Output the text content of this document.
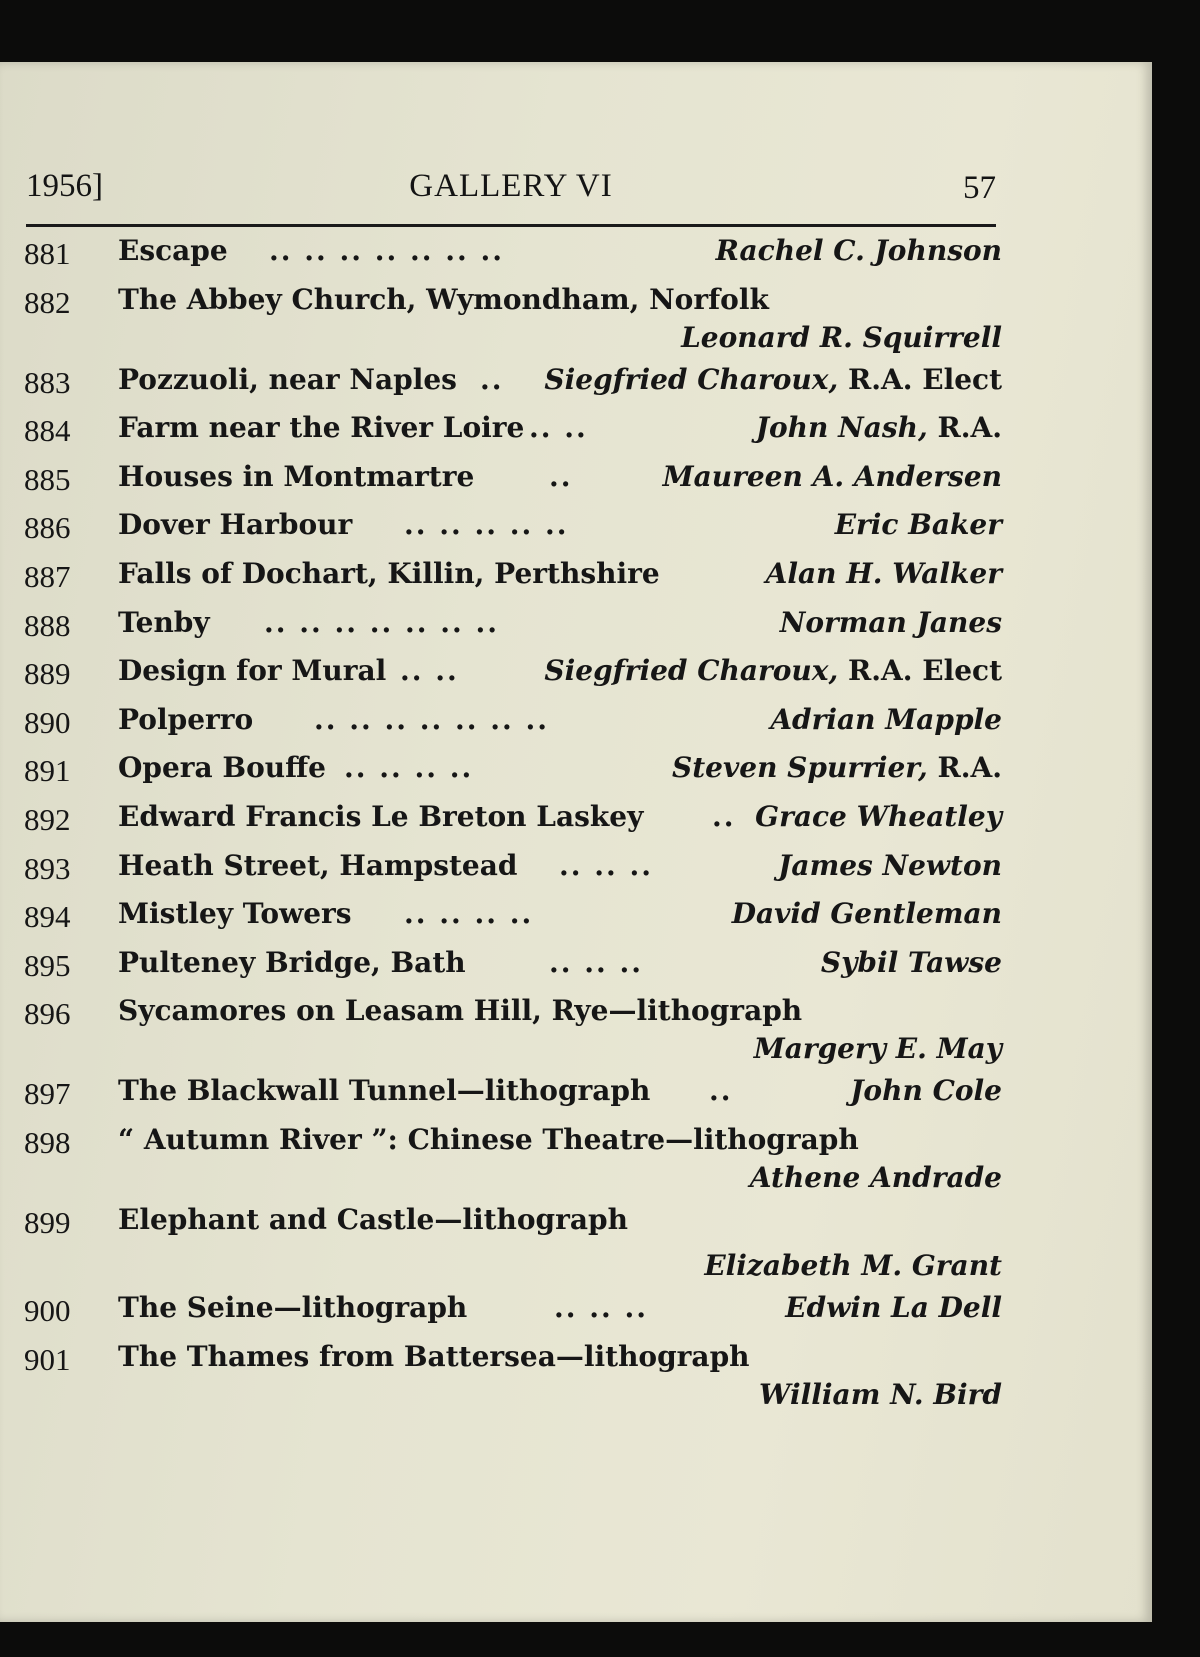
1956]	GALLERY VI	57
881 Escape .. .. .. .. .. .. ..	Rachel C. Johnson
882 The Abbey Church, Wymondham, Norfolk
Leonard R. Squirrell
883 Pozzuoli, near Naples .. Siegfried Charoux, R.A. Elect
884 Farm near the River Loire .. ..	John Nash, R.A.
885 Houses in Montmartre	..	Maureen A. Andersen
886 Dover Harbour .. .. .. .. ..	Eric Baker
887 Falls of Dochart, Killin, Perthshire	Alan H. Walker
888 Tenby .. .. .. .. .. .. ..	Norman Janes
889 Design for Mural .. ..	Siegfried Charoux, R.A. Elect
890 Polperro .. .. .. .. .. .. ..	Adrian Mapple
891 Opera Bouffe .. .. .. ..	Steven Spurrier, R.A.
892 Edward Francis Le Breton Laskey .. Grace Wheatley
893 Heath Street, Hampstead .. .. ..	James Newton
894 Mistley Towers .. .. .. ..	David Gentleman
895 Pulteney Bridge, Bath	.. .. ..	Sybil Tawse
896 Sycamores on Leasam Hill, Rye—lithograph
Margery E. May
897 The Blackwall Tunnel—lithograph ..	John Cole
898 “ Autumn River ”: Chinese Theatre—lithograph
Athene Andrade
899 Elephant and Castle—lithograph
Elizabeth M. Grant
900 The Seine—lithograph	.. .. ..	Edwin La Dell
901 The Thames from Battersea—lithograph
William N. Bird
